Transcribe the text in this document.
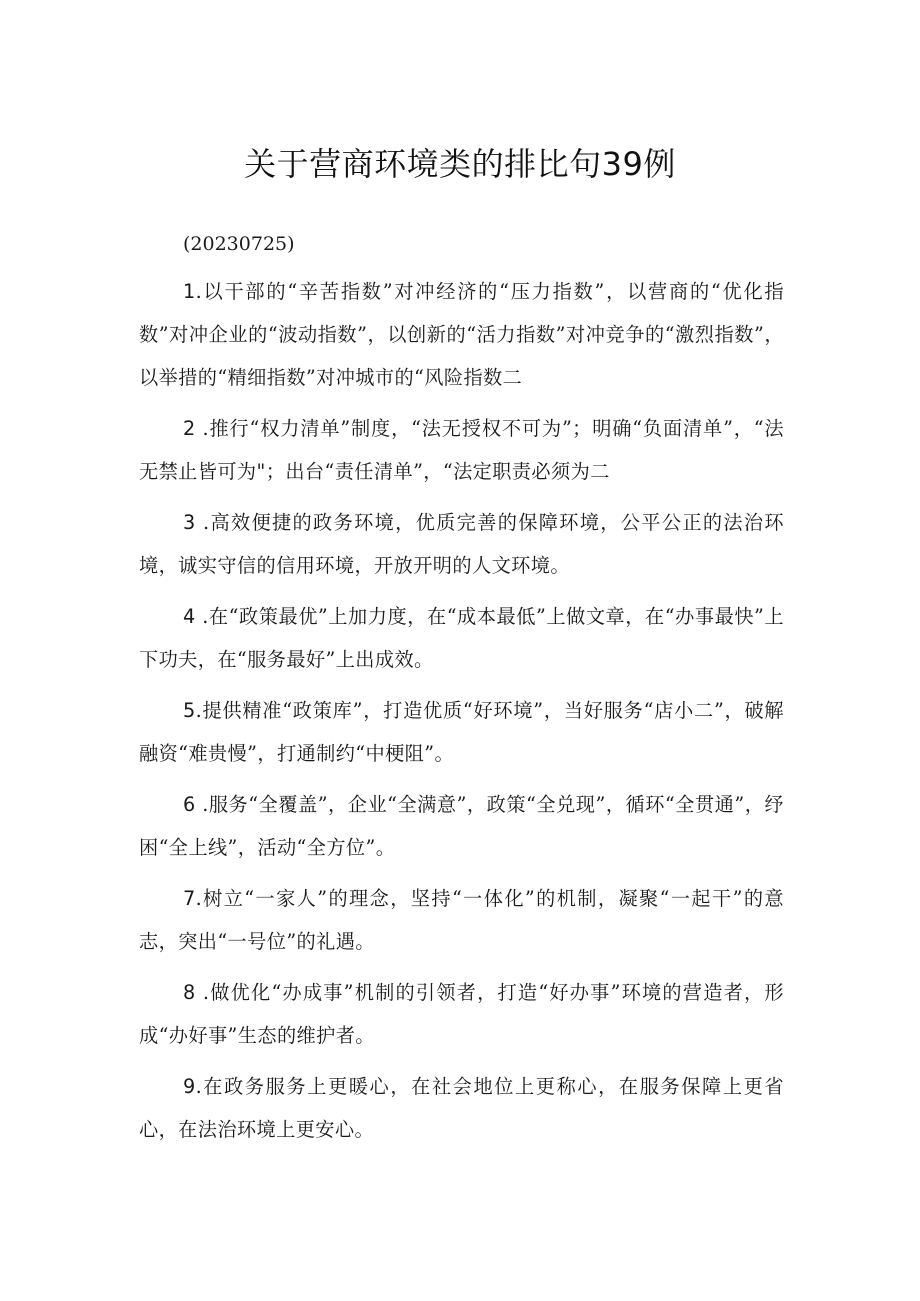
关于营商环境类的排比句39例

(20230725)

1.以干部的“辛苦指数”对冲经济的“压力指数”，以营商的“优化指数”对冲企业的“波动指数”，以创新的“活力指数”对冲竞争的“激烈指数”，以举措的“精细指数”对冲城市的“风险指数二

2 .推行“权力清单”制度，“法无授权不可为”；明确“负面清单”，“法无禁止皆可为"；出台“责任清单”，“法定职责必须为二

3 .高效便捷的政务环境，优质完善的保障环境，公平公正的法治环境，诚实守信的信用环境，开放开明的人文环境。

4 .在“政策最优”上加力度，在“成本最低”上做文章，在“办事最快”上下功夫，在“服务最好”上出成效。

5.提供精准“政策库”，打造优质“好环境”，当好服务“店小二”，破解融资“难贵慢”，打通制约“中梗阻”。

6 .服务“全覆盖”，企业“全满意”，政策“全兑现”，循环“全贯通”，纾困“全上线”，活动“全方位”。

7.树立“一家人”的理念，坚持“一体化”的机制，凝聚“一起干”的意志，突出“一号位”的礼遇。

8 .做优化“办成事”机制的引领者，打造“好办事”环境的营造者，形成“办好事”生态的维护者。

9.在政务服务上更暖心，在社会地位上更称心，在服务保障上更省心，在法治环境上更安心。
